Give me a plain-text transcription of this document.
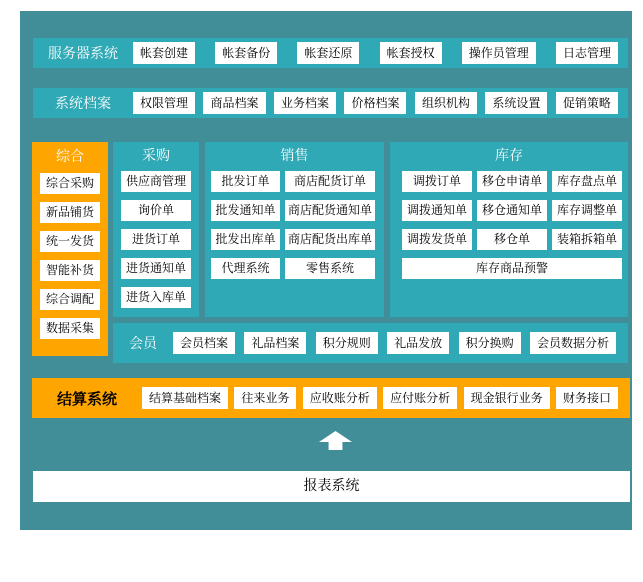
服务器系统	帐套创建	帐套备份	帐套还原	帐套授权	操作员管理	日志管理
系统档案	权限管理	商品档案	业务档案	价格档案	组织机构	系统设置	促销策略
综合
综合采购
新品铺货
统一发货
智能补货
综合调配
数据采集
采购
供应商管理
询价单
进货订单
进货通知单
进货入库单
销售
批发订单	商店配货订单
批发通知单	商店配货通知单
批发出库单	商店配货出库单
代理系统	零售系统
库存
调拨订单	移仓申请单	库存盘点单
调拨通知单	移仓通知单	库存调整单
调拨发货单	移仓单	装箱拆箱单
库存商品预警
会员	会员档案	礼品档案	积分规则	礼品发放	积分换购	会员数据分析
结算系统	结算基础档案	往来业务	应收账分析	应付账分析	现金银行业务	财务接口
报表系统
